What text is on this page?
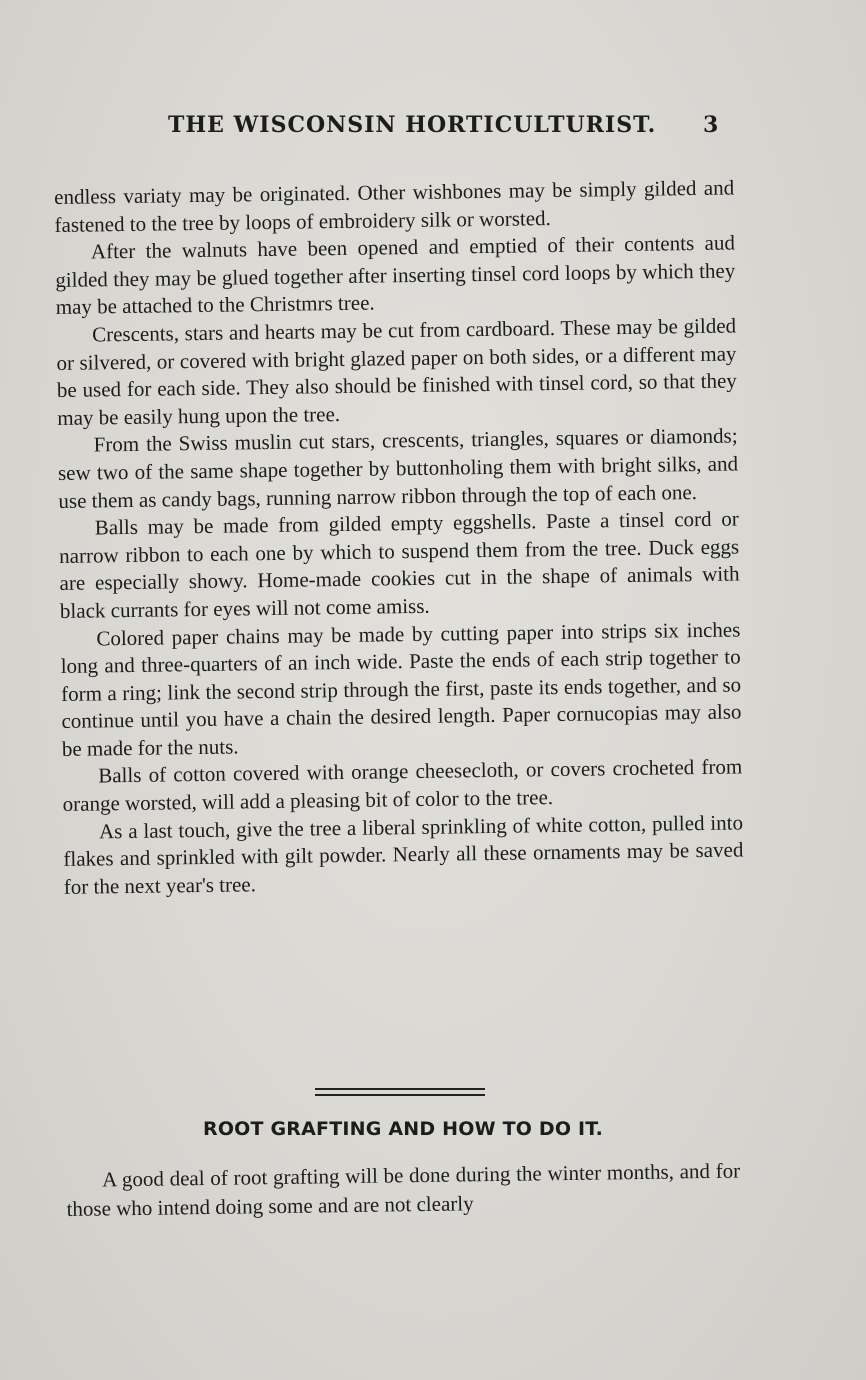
THE WISCONSIN HORTICULTURIST. 3

endless variaty may be originated. Other wishbones may be simply gilded and fastened to the tree by loops of embroidery silk or worsted.

After the walnuts have been opened and emptied of their contents aud gilded they may be glued together after inserting tinsel cord loops by which they may be attached to the Christmrs tree.

Crescents, stars and hearts may be cut from cardboard. These may be gilded or silvered, or covered with bright glazed paper on both sides, or a different may be used for each side. They also should be finished with tinsel cord, so that they may be easily hung upon the tree.

From the Swiss muslin cut stars, crescents, triangles, squares or diamonds; sew two of the same shape together by buttonholing them with bright silks, and use them as candy bags, running narrow ribbon through the top of each one.

Balls may be made from gilded empty eggshells. Paste a tinsel cord or narrow ribbon to each one by which to suspend them from the tree. Duck eggs are especially showy. Home-made cookies cut in the shape of animals with black currants for eyes will not come amiss.

Colored paper chains may be made by cutting paper into strips six inches long and three-quarters of an inch wide. Paste the ends of each strip together to form a ring; link the second strip through the first, paste its ends together, and so continue until you have a chain the desired length. Paper cornucopias may also be made for the nuts.

Balls of cotton covered with orange cheesecloth, or covers crocheted from orange worsted, will add a pleasing bit of color to the tree.

As a last touch, give the tree a liberal sprinkling of white cotton, pulled into flakes and sprinkled with gilt powder. Nearly all these ornaments may be saved for the next year's tree.

ROOT GRAFTING AND HOW TO DO IT.

A good deal of root grafting will be done during the winter months, and for those who intend doing some and are not clearly
